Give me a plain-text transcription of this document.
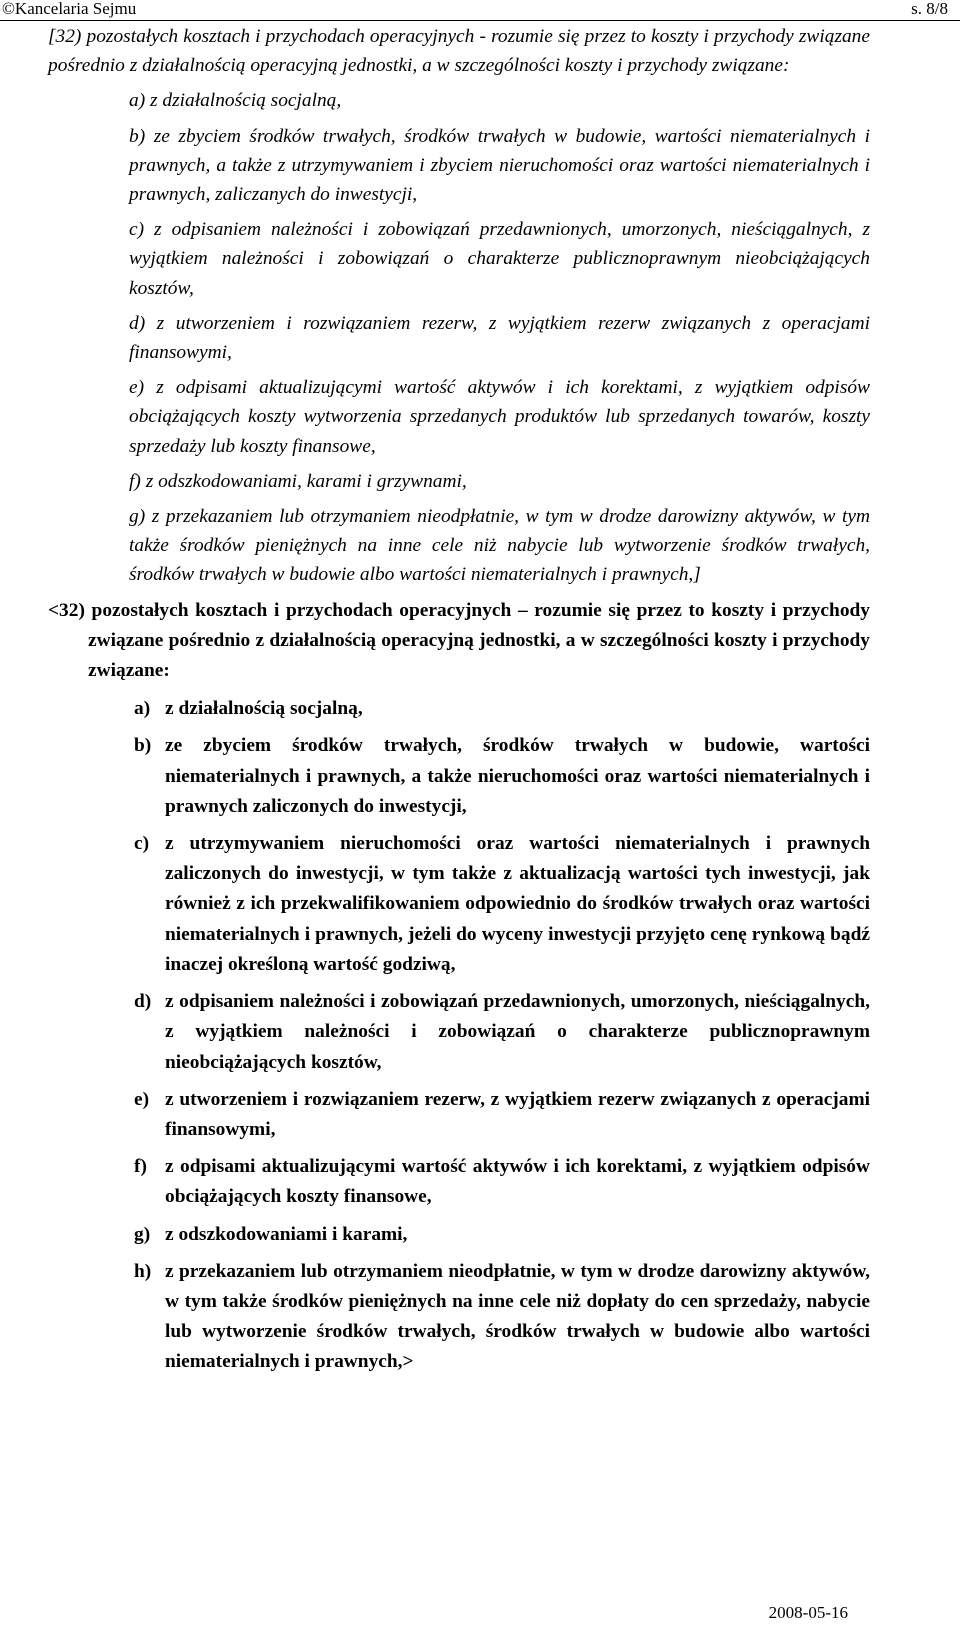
©Kancelaria Sejmu	s. 8/8

[32) pozostałych kosztach i przychodach operacyjnych - rozumie się przez to koszty i przychody związane pośrednio z działalnością operacyjną jednostki, a w szczególności koszty i przychody związane:

a) z działalnością socjalną,

b) ze zbyciem środków trwałych, środków trwałych w budowie, wartości niematerialnych i prawnych, a także z utrzymywaniem i zbyciem nieruchomości oraz wartości niematerialnych i prawnych, zaliczanych do inwestycji,

c) z odpisaniem należności i zobowiązań przedawnionych, umorzonych, nieściągalnych, z wyjątkiem należności i zobowiązań o charakterze publicznoprawnym nieobciążających kosztów,

d) z utworzeniem i rozwiązaniem rezerw, z wyjątkiem rezerw związanych z operacjami finansowymi,

e) z odpisami aktualizującymi wartość aktywów i ich korektami, z wyjątkiem odpisów obciążających koszty wytworzenia sprzedanych produktów lub sprzedanych towarów, koszty sprzedaży lub koszty finansowe,

f) z odszkodowaniami, karami i grzywnami,

g) z przekazaniem lub otrzymaniem nieodpłatnie, w tym w drodze darowizny aktywów, w tym także środków pieniężnych na inne cele niż nabycie lub wytworzenie środków trwałych, środków trwałych w budowie albo wartości niematerialnych i prawnych,]

<32) pozostałych kosztach i przychodach operacyjnych – rozumie się przez to koszty i przychody związane pośrednio z działalnością operacyjną jednostki, a w szczególności koszty i przychody związane:

a) z działalnością socjalną,

b) ze zbyciem środków trwałych, środków trwałych w budowie, wartości niematerialnych i prawnych, a także nieruchomości oraz wartości niematerialnych i prawnych zaliczonych do inwestycji,

c) z utrzymywaniem nieruchomości oraz wartości niematerialnych i prawnych zaliczonych do inwestycji, w tym także z aktualizacją wartości tych inwestycji, jak również z ich przekwalifikowaniem odpowiednio do środków trwałych oraz wartości niematerialnych i prawnych, jeżeli do wyceny inwestycji przyjęto cenę rynkową bądź inaczej określoną wartość godziwą,

d) z odpisaniem należności i zobowiązań przedawnionych, umorzonych, nieściągalnych, z wyjątkiem należności i zobowiązań o charakterze publicznoprawnym nieobciążających kosztów,

e) z utworzeniem i rozwiązaniem rezerw, z wyjątkiem rezerw związanych z operacjami finansowymi,

f) z odpisami aktualizującymi wartość aktywów i ich korektami, z wyjątkiem odpisów obciążających koszty finansowe,

g) z odszkodowaniami i karami,

h) z przekazaniem lub otrzymaniem nieodpłatnie, w tym w drodze darowizny aktywów, w tym także środków pieniężnych na inne cele niż dopłaty do cen sprzedaży, nabycie lub wytworzenie środków trwałych, środków trwałych w budowie albo wartości niematerialnych i prawnych,>

2008-05-16
